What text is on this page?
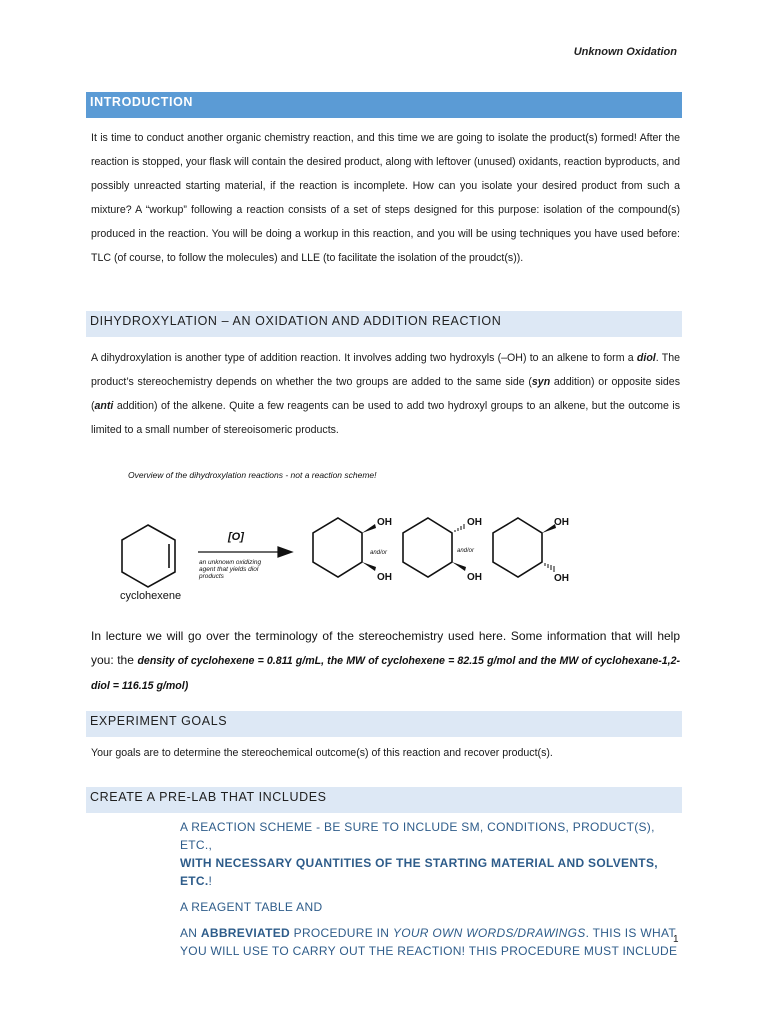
Unknown Oxidation
INTRODUCTION

It is time to conduct another organic chemistry reaction, and this time we are going to isolate the product(s) formed! After the reaction is stopped, your flask will contain the desired product, along with leftover (unused) oxidants, reaction byproducts, and possibly unreacted starting material, if the reaction is incomplete. How can you isolate your desired product from such a mixture? A “workup” following a reaction consists of a set of steps designed for this purpose: isolation of the compound(s) produced in the reaction. You will be doing a workup in this reaction, and you will be using techniques you have used before: TLC (of course, to follow the molecules) and LLE (to facilitate the isolation of the proudct(s)).

DIHYDROXYLATION – AN OXIDATION AND ADDITION REACTION

A dihydroxylation is another type of addition reaction. It involves adding two hydroxyls (–OH) to an alkene to form a diol. The product’s stereochemistry depends on whether the two groups are added to the same side (syn addition) or opposite sides (anti addition) of the alkene. Quite a few reagents can be used to add two hydroxyl groups to an alkene, but the outcome is limited to a small number of stereoisomeric products.

Overview of the dihydroxylation reactions - not a reaction scheme!
cyclohexene
[O]
an unknown oxidizing
agent that yields diol
products
OH
OH
and/or
OH
OH
and/or
OH
OH

In lecture we will go over the terminology of the stereochemistry used here. Some information that will help you: the density of cyclohexene = 0.811 g/mL, the MW of cyclohexene = 82.15 g/mol and the MW of cyclohexane-1,2-diol = 116.15 g/mol)

EXPERIMENT GOALS

Your goals are to determine the stereochemical outcome(s) of this reaction and recover product(s).

CREATE A PRE-LAB THAT INCLUDES
A REACTION SCHEME - BE SURE TO INCLUDE SM, CONDITIONS, PRODUCT(S), ETC.,
WITH NECESSARY QUANTITIES OF THE STARTING MATERIAL AND SOLVENTS, ETC.!
A REAGENT TABLE AND
AN ABBREVIATED PROCEDURE IN YOUR OWN WORDS/DRAWINGS. THIS IS WHAT YOU WILL USE TO CARRY OUT THE REACTION! THIS PROCEDURE MUST INCLUDE
1
